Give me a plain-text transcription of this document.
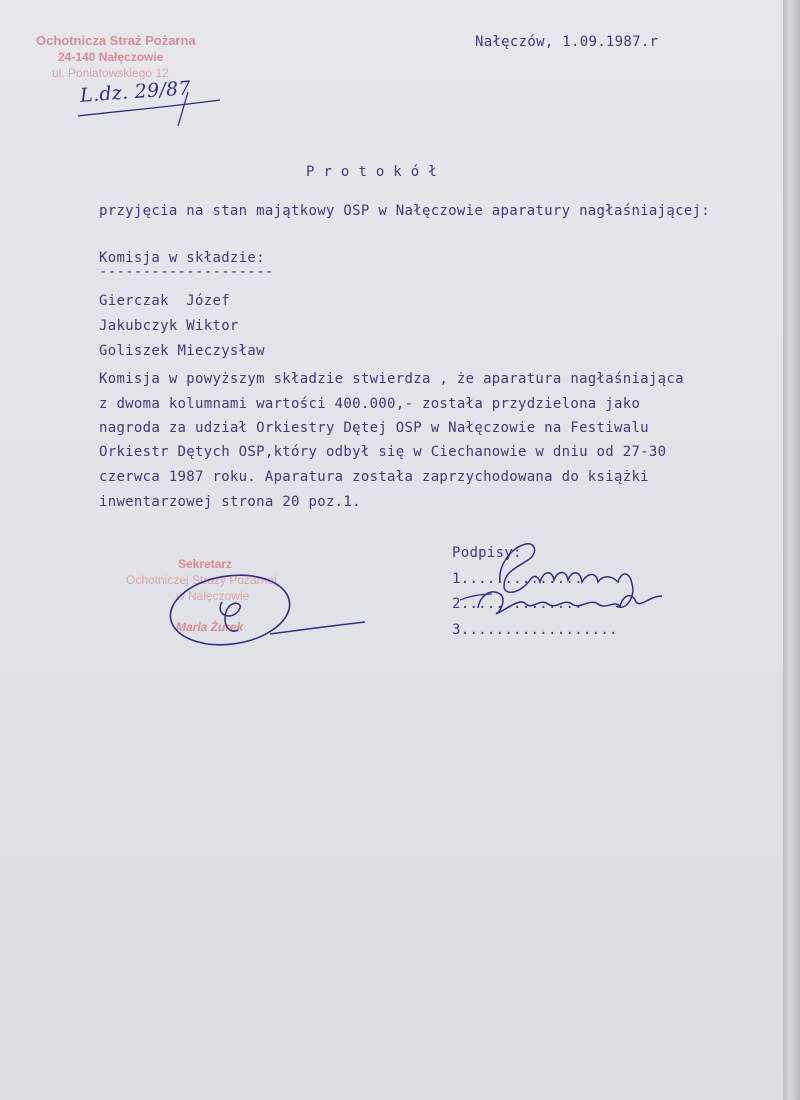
Ochotnicza Straż Pożarna
24-140 Nałęczowie
ul. Poniatowskiego 12
L.dz. 29/87
Nałęczów, 1.09.1987.r
P r o t o k ó ł
przyjęcia na stan majątkowy OSP w Nałęczowie aparatury nagłaśniającej:
Komisja w składzie:
--------------------
Gierczak  Józef
Jakubczyk Wiktor
Goliszek Mieczysław
Komisja w powyższym składzie stwierdza , że aparatura nagłaśniająca
z dwoma kolumnami wartości 400.000,- została przydzielona jako
nagroda za udział Orkiestry Dętej OSP w Nałęczowie na Festiwalu
Orkiestr Dętych OSP,który odbył się w Ciechanowie w dniu od 27-30
czerwca 1987 roku. Aparatura została zaprzychodowana do książki
inwentarzowej strona 20 poz.1.
Sekretarz
Ochotniczej Straży Pożarnej
w Nałęczowie
Maria Żurek
Podpisy:
1..............
2..............
3..................
